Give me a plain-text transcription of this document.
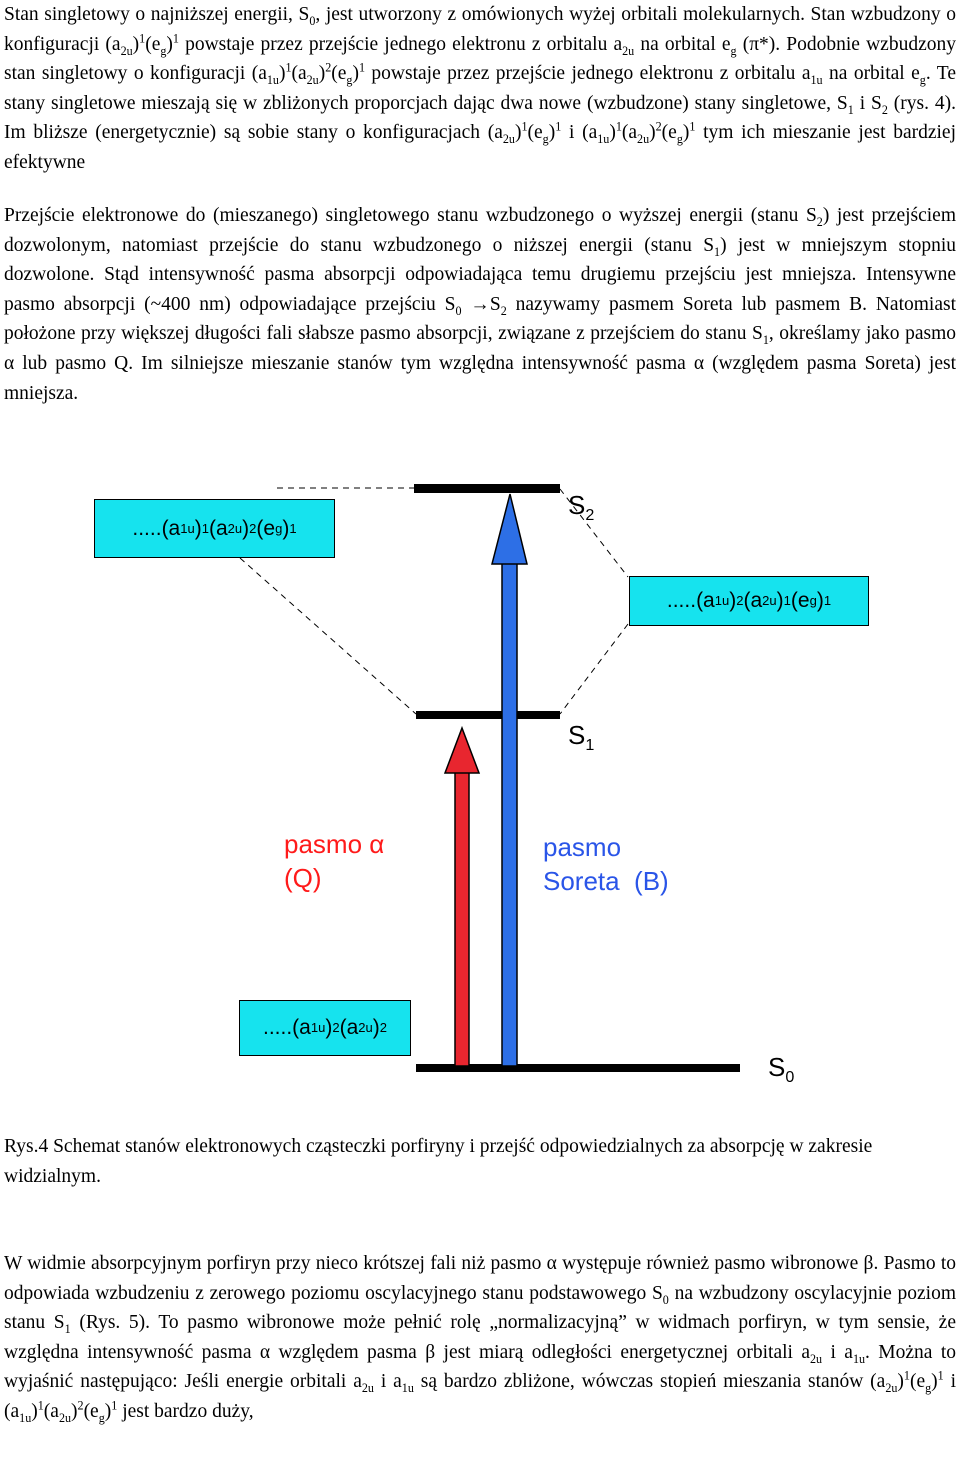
Stan singletowy o najniższej energii, $S_0$, jest utworzony z omówionych wyżej orbitali molekularnych. Stan wzbudzony o konfiguracji $(a_{2u})^1(e_g)^1$ powstaje przez przejście jednego elektronu z orbitalu $a_{2u}$ na orbital $e_g$ (π*). Podobnie wzbudzony stan singletowy o konfiguracji $(a_{1u})^1(a_{2u})^2(e_g)^1$ powstaje przez przejście jednego elektronu z orbitalu $a_{1u}$ na orbital $e_g$. Te stany singletowe mieszają się w zbliżonych proporcjach dając dwa nowe (wzbudzone) stany singletowe, $S_1$ i $S_2$ (rys. 4). Im bliższe (energetycznie) są sobie stany o konfiguracjach $(a_{2u})^1(e_g)^1$ i $(a_{1u})^1(a_{2u})^2(e_g)^1$ tym ich mieszanie jest bardziej efektywne
Przejście elektronowe do (mieszanego) singletowego stanu wzbudzonego o wyższej energii (stanu $S_2$) jest przejściem dozwolonym, natomiast przejście do stanu wzbudzonego o niższej energii (stanu $S_1$) jest w mniejszym stopniu dozwolone. Stąd intensywność pasma absorpcji odpowiadająca temu drugiemu przejściu jest mniejsza. Intensywne pasmo absorpcji (~400 nm) odpowiadające przejściu $S_0 \to S_2$ nazywamy pasmem Soreta lub pasmem B. Natomiast położone przy większej długości fali słabsze pasmo absorpcji, związane z przejściem do stanu $S_1$, określamy jako pasmo α lub pasmo Q. Im silniejsze mieszanie stanów tym względna intensywność pasma α (względem pasma Soreta) jest mniejsza.
.....(a 1u ) 1 (a 2u ) 2 (e g ) 1
.....(a 1u ) 2 (a 2u ) 1 (e g ) 1
.....(a 1u ) 2 (a 2u ) 2
$S_2$
$S_1$
$S_0$
pasmo α
(Q)
pasmo
Soreta  (B)
Rys.4 Schemat stanów elektronowych cząsteczki porfiryny i przejść odpowiedzialnych za absorpcję w zakresie widzialnym.
W widmie absorpcyjnym porfiryn przy nieco krótszej fali niż pasmo α występuje również pasmo wibronowe β. Pasmo to odpowiada wzbudzeniu z zerowego poziomu oscylacyjnego stanu podstawowego $S_0$ na wzbudzony oscylacyjnie poziom stanu $S_1$ (Rys. 5). To pasmo wibronowe może pełnić rolę „normalizacyjną” w widmach porfiryn, w tym sensie, że względna intensywność pasma α względem pasma β jest miarą odległości energetycznej orbitali $a_{2u}$ i $a_{1u}$. Można to wyjaśnić następująco: Jeśli energie orbitali $a_{2u}$ i $a_{1u}$ są bardzo zbliżone, wówczas stopień mieszania stanów $(a_{2u})^1(e_g)^1$ i $(a_{1u})^1(a_{2u})^2(e_g)^1$ jest bardzo duży,
